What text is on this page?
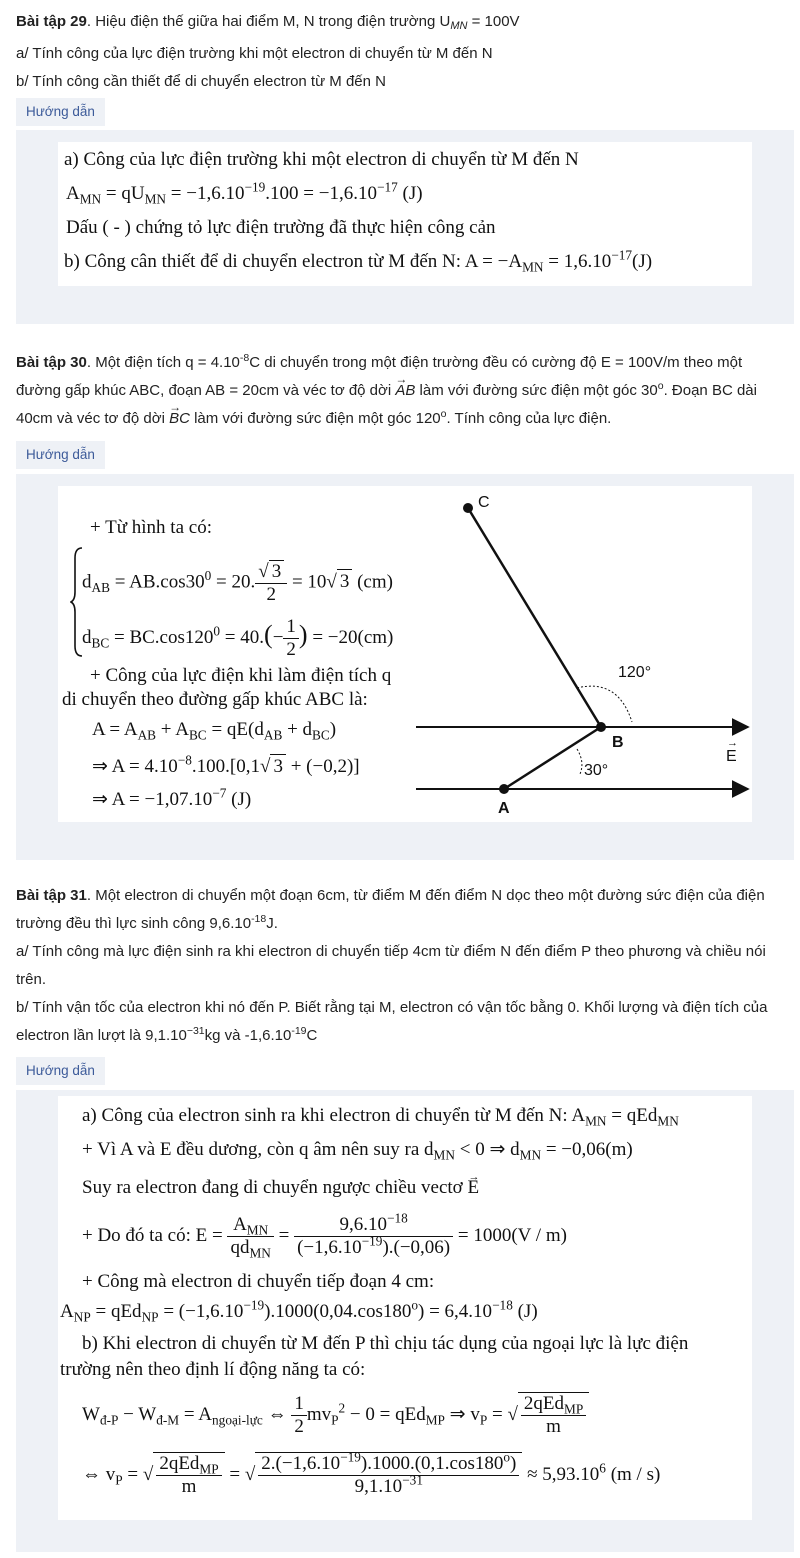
Bài tập 29. Hiệu điện thế giữa hai điểm M, N trong điện trường $U_{MN} = 100V$
a/ Tính công của lực điện trường khi một electron di chuyển từ M đến N
b/ Tính công cần thiết để di chuyển electron từ M đến N
Hướng dẫn
a) Công của lực điện trường khi một electron di chuyển từ M đến N
$A_{MN} = qU_{MN} = -1,6.10^{-19}.100 = -1,6.10^{-17}$ (J)
Dấu ( - ) chứng tỏ lực điện trường đã thực hiện công cản
b) Công cân thiết để di chuyển electron từ M đến N: $A = -A_{MN} = 1,6.10^{-17}(J)$
Bài tập 30. Một điện tích $q = 4.10^{-8}C$ di chuyển trong một điện trường đều có cường độ E = 100V/m theo một
đường gấp khúc ABC, đoạn AB = 20cm và véc tơ độ dời → AB làm với đường sức điện một góc 30$^o$. Đoạn BC dài
40cm và véc tơ độ dời → BC làm với đường sức điện một góc 120$^o$. Tính công của lực điện.
Hướng dẫn
+ Từ hình ta có:
$d_{AB} = AB.\cos 30^0 = 20$. $\frac{√ 3}{2} = 10√$ 3 (cm)
$d_{BC} = BC.\cos 120^0 = 40.(- \frac{1}{2}$ ) = −20(cm)
+ Công của lực điện khi làm điện tích q
di chuyển theo đường gấp khúc ABC là:
$A = A_{AB} + A_{BC} = qE(d_{AB} + d_{BC})$
⇒ $A = 4.10^{-8}.100.[0,1√$ 3 + (−0,2)]
⇒ $A = -1,07.10^{-7}$ (J)
C
B
A
→ E
120°
30°
Bài tập 31. Một electron di chuyển một đoạn 6cm, từ điểm M đến điểm N dọc theo một đường sức điện của điện
trường đều thì lực sinh công $9,6.10^{-18}J$.
a/ Tính công mà lực điện sinh ra khi electron di chuyển tiếp 4cm từ điểm N đến điểm P theo phương và chiều nói
trên.
b/ Tính vận tốc của electron khi nó đến P. Biết rằng tại M, electron có vận tốc bằng 0. Khối lượng và điện tích của
electron lần lượt là $9,1.10^{-31}kg$ và $-1,6.10^{-19}C$
Hướng dẫn
a) Công của electron sinh ra khi electron di chuyển từ M đến N: $A_{MN} = qEd_{MN}$
+ Vì A và E đều dương, còn q âm nên suy ra $d_{MN} < 0$ ⇒ $d_{MN} = -0,06(m)$
Suy ra electron đang di chuyển ngược chiều vectơ → E
+ Do đó ta có: $E = \frac{A_{MN}}{qd_{MN}} = \frac{9,6.10^{-18}}{(-1,6.10^{-19}).(-0,06)} = 1000(V / m)$
+ Công mà electron di chuyển tiếp đoạn 4 cm:
$A_{NP} = qEd_{NP} = (-1,6.10^{-19}).1000(0,04.\cos 180^o) = 6,4.10^{-18}$ (J)
b) Khi electron di chuyển từ M đến P thì chịu tác dụng của ngoại lực là lực điện
trường nên theo định lí động năng ta có:
$W_{đ-P} - W_{đ-M} = A_{ngoại-lực}$ ⇔ $\frac{1}{2} mv_P^2 - 0 = qEd_{MP}$ ⇒ $v_P$ = √ $\frac{2qEd_{MP}}{m}$
⇔ $v_P$ = √ $\frac{2qEd_{MP}}{m}$ = √ $\frac{2.(-1,6.10^{-19}).1000.(0,1.\cos 180^o)}{9,1.10^{-31}} \approx 5,93.10^6$ (m / s)
